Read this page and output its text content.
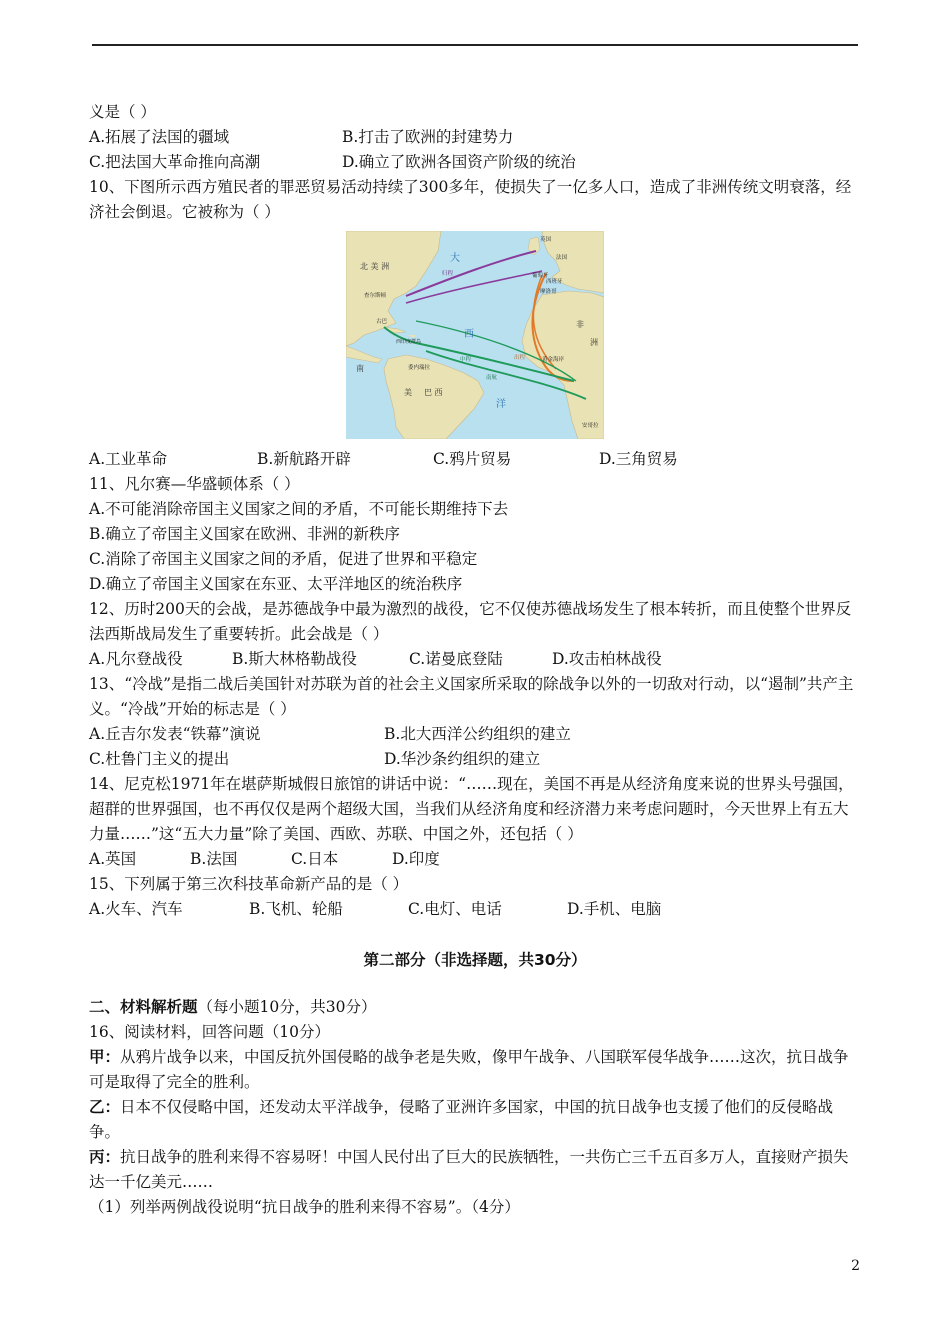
义是（ ）
A.拓展了法国的疆域	B.打击了欧洲的封建势力
C.把法国大革命推向高潮	D.确立了欧洲各国资产阶级的统治
10、下图所示西方殖民者的罪恶贸易活动持续了300多年，使损失了一亿多人口，造成了非洲传统文明衰落，经济社会倒退。它被称为（ ）
北 美 洲
大
西
洋
查尔斯顿
古巴
西印度群岛
委内瑞拉
南
美 巴 西
英国
法国
葡萄牙
西班牙
摩洛哥
非
洲
黄金海岸
安哥拉
归程
中程	出程
南航
A.工业革命	B.新航路开辟	C.鸦片贸易	D.三角贸易
11、凡尔赛—华盛顿体系（ ）
A.不可能消除帝国主义国家之间的矛盾，不可能长期维持下去
B.确立了帝国主义国家在欧洲、非洲的新秩序
C.消除了帝国主义国家之间的矛盾，促进了世界和平稳定
D.确立了帝国主义国家在东亚、太平洋地区的统治秩序
12、历时200天的会战，是苏德战争中最为激烈的战役，它不仅使苏德战场发生了根本转折，而且使整个世界反法西斯战局发生了重要转折。此会战是（ ）
A.凡尔登战役	B.斯大林格勒战役	C.诺曼底登陆	D.攻击柏林战役
13、“冷战”是指二战后美国针对苏联为首的社会主义国家所采取的除战争以外的一切敌对行动，以“遏制”共产主义。“冷战”开始的标志是（ ）
A.丘吉尔发表“铁幕”演说	B.北大西洋公约组织的建立
C.杜鲁门主义的提出	D.华沙条约组织的建立
14、尼克松1971年在堪萨斯城假日旅馆的讲话中说：“……现在，美国不再是从经济角度来说的世界头号强国，超群的世界强国，也不再仅仅是两个超级大国，当我们从经济角度和经济潜力来考虑问题时，今天世界上有五大力量……”这“五大力量”除了美国、西欧、苏联、中国之外，还包括（ ）
A.英国	B.法国	C.日本	D.印度
15、下列属于第三次科技革命新产品的是（ ）
A.火车、汽车	B.飞机、轮船	C.电灯、电话	D.手机、电脑
第二部分（非选择题，共30分）
二、材料解析题（每小题10分，共30分）
16、阅读材料，回答问题（10分）
甲：从鸦片战争以来，中国反抗外国侵略的战争老是失败，像甲午战争、八国联军侵华战争……这次，抗日战争可是取得了完全的胜利。
乙：日本不仅侵略中国，还发动太平洋战争，侵略了亚洲许多国家，中国的抗日战争也支援了他们的反侵略战争。
丙：抗日战争的胜利来得不容易呀！中国人民付出了巨大的民族牺牲，一共伤亡三千五百多万人，直接财产损失达一千亿美元……
（1）列举两例战役说明“抗日战争的胜利来得不容易”。（4分）
2
